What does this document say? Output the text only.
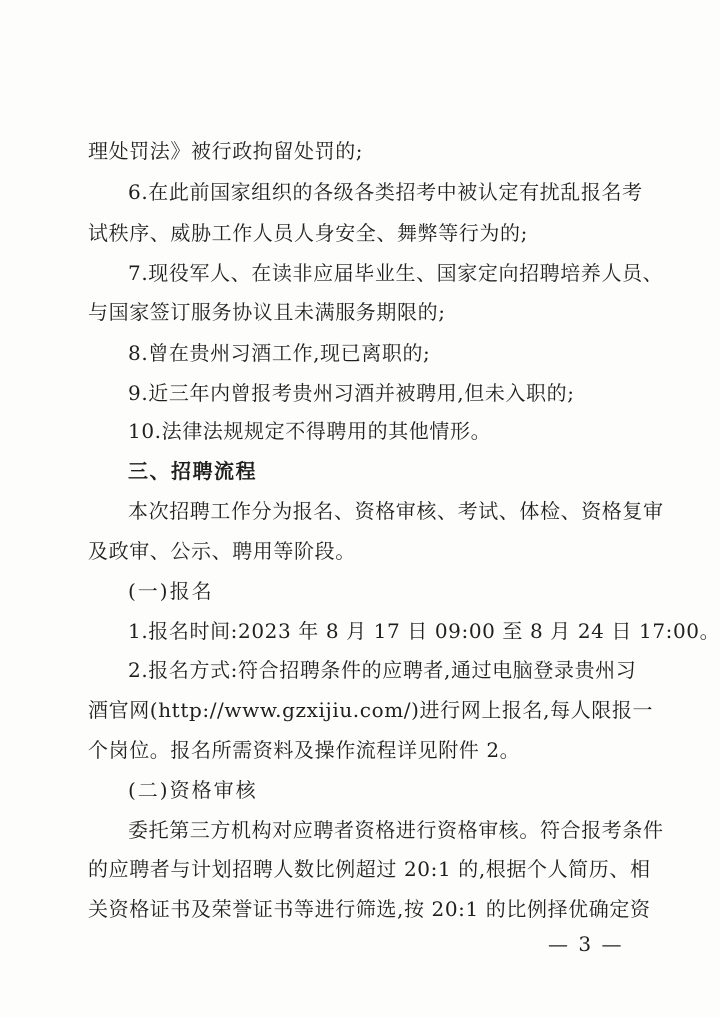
理处罚法》被行政拘留处罚的;
6.在此前国家组织的各级各类招考中被认定有扰乱报名考
试秩序、威胁工作人员人身安全、舞弊等行为的;
7.现役军人、在读非应届毕业生、国家定向招聘培养人员、
与国家签订服务协议且未满服务期限的;
8.曾在贵州习酒工作,现已离职的;
9.近三年内曾报考贵州习酒并被聘用,但未入职的;
10.法律法规规定不得聘用的其他情形。
三、招聘流程
本次招聘工作分为报名、资格审核、考试、体检、资格复审
及政审、公示、聘用等阶段。
(一)报名
1.报名时间:2023 年 8 月 17 日 09:00 至 8 月 24 日 17:00。
2.报名方式:符合招聘条件的应聘者,通过电脑登录贵州习
酒官网(http://www.gzxijiu.com/)进行网上报名,每人限报一
个岗位。报名所需资料及操作流程详见附件 2。
(二)资格审核
委托第三方机构对应聘者资格进行资格审核。符合报考条件
的应聘者与计划招聘人数比例超过 20:1 的,根据个人简历、相
关资格证书及荣誉证书等进行筛选,按 20:1 的比例择优确定资
— 3 —
